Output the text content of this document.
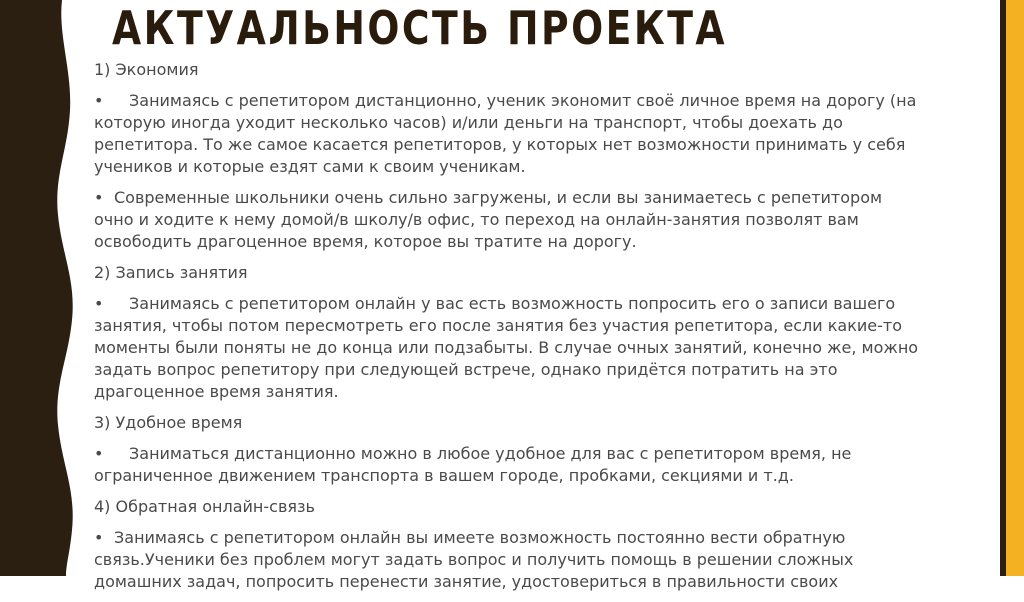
АКТУАЛЬНОСТЬ ПРОЕКТА

1) Экономия

• Занимаясь с репетитором дистанционно, ученик экономит своё личное время на дорогу (на которую иногда уходит несколько часов) и/или деньги на транспорт, чтобы доехать до репетитора. То же самое касается репетиторов, у которых нет возможности принимать у себя учеников и которые ездят сами к своим ученикам.

• Современные школьники очень сильно загружены, и если вы занимаетесь с репетитором очно и ходите к нему домой/в школу/в офис, то переход на онлайн-занятия позволят вам освободить драгоценное время, которое вы тратите на дорогу.

2) Запись занятия

• Занимаясь с репетитором онлайн у вас есть возможность попросить его о записи вашего занятия, чтобы потом пересмотреть его после занятия без участия репетитора, если какие-то моменты были поняты не до конца или подзабыты. В случае очных занятий, конечно же, можно задать вопрос репетитору при следующей встрече, однако придётся потратить на это драгоценное время занятия.

3) Удобное время

• Заниматься дистанционно можно в любое удобное для вас с репетитором время, не ограниченное движением транспорта в вашем городе, пробками, секциями и т.д.

4) Обратная онлайн-связь

• Занимаясь с репетитором онлайн вы имеете возможность постоянно вести обратную связь.Ученики без проблем могут задать вопрос и получить помощь в решении сложных домашних задач, попросить перенести занятие, удостовериться в правильности своих
